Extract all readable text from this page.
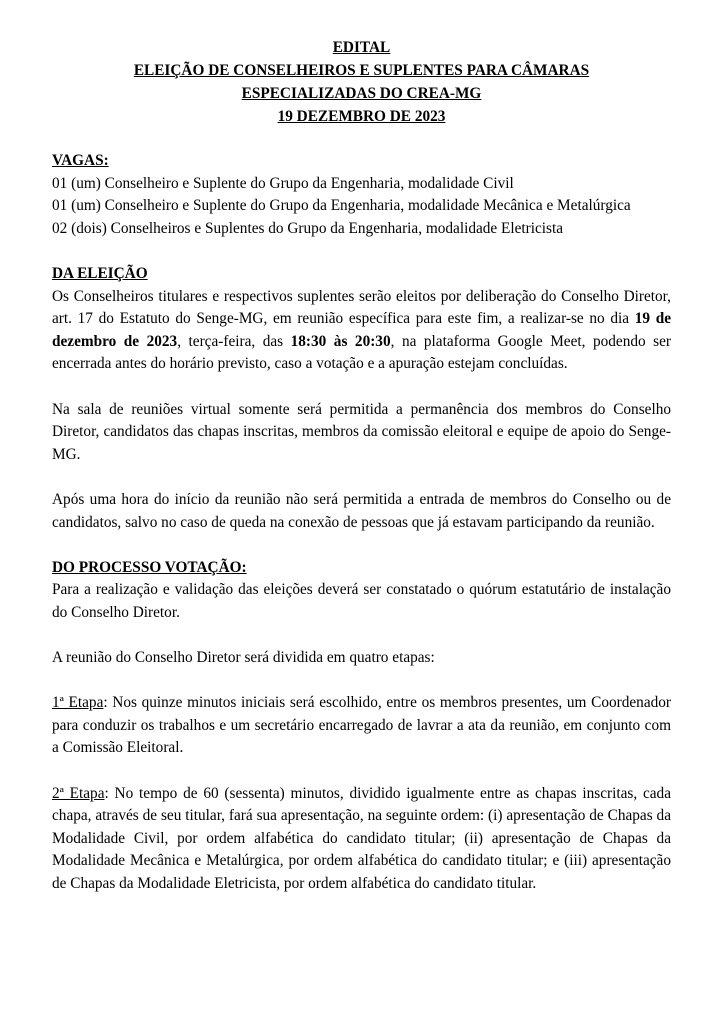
EDITAL
ELEIÇÃO DE CONSELHEIROS E SUPLENTES PARA CÂMARAS
ESPECIALIZADAS DO CREA-MG
19 DEZEMBRO DE 2023
VAGAS:
01 (um) Conselheiro e Suplente do Grupo da Engenharia, modalidade Civil
01 (um) Conselheiro e Suplente do Grupo da Engenharia, modalidade Mecânica e Metalúrgica
02 (dois) Conselheiros e Suplentes do Grupo da Engenharia, modalidade Eletricista
DA ELEIÇÃO

Os Conselheiros titulares e respectivos suplentes serão eleitos por deliberação do Conselho Diretor, art. 17 do Estatuto do Senge-MG, em reunião específica para este fim, a realizar-se no dia 19 de dezembro de 2023, terça-feira, das 18:30 às 20:30, na plataforma Google Meet, podendo ser encerrada antes do horário previsto, caso a votação e a apuração estejam concluídas.

Na sala de reuniões virtual somente será permitida a permanência dos membros do Conselho Diretor, candidatos das chapas inscritas, membros da comissão eleitoral e equipe de apoio do Senge-MG.

Após uma hora do início da reunião não será permitida a entrada de membros do Conselho ou de candidatos, salvo no caso de queda na conexão de pessoas que já estavam participando da reunião.

DO PROCESSO VOTAÇÃO:

Para a realização e validação das eleições deverá ser constatado o quórum estatutário de instalação do Conselho Diretor.

A reunião do Conselho Diretor será dividida em quatro etapas:

1ª Etapa: Nos quinze minutos iniciais será escolhido, entre os membros presentes, um Coordenador para conduzir os trabalhos e um secretário encarregado de lavrar a ata da reunião, em conjunto com a Comissão Eleitoral.

2ª Etapa: No tempo de 60 (sessenta) minutos, dividido igualmente entre as chapas inscritas, cada chapa, através de seu titular, fará sua apresentação, na seguinte ordem: (i) apresentação de Chapas da Modalidade Civil, por ordem alfabética do candidato titular; (ii) apresentação de Chapas da Modalidade Mecânica e Metalúrgica, por ordem alfabética do candidato titular; e (iii) apresentação de Chapas da Modalidade Eletricista, por ordem alfabética do candidato titular.
